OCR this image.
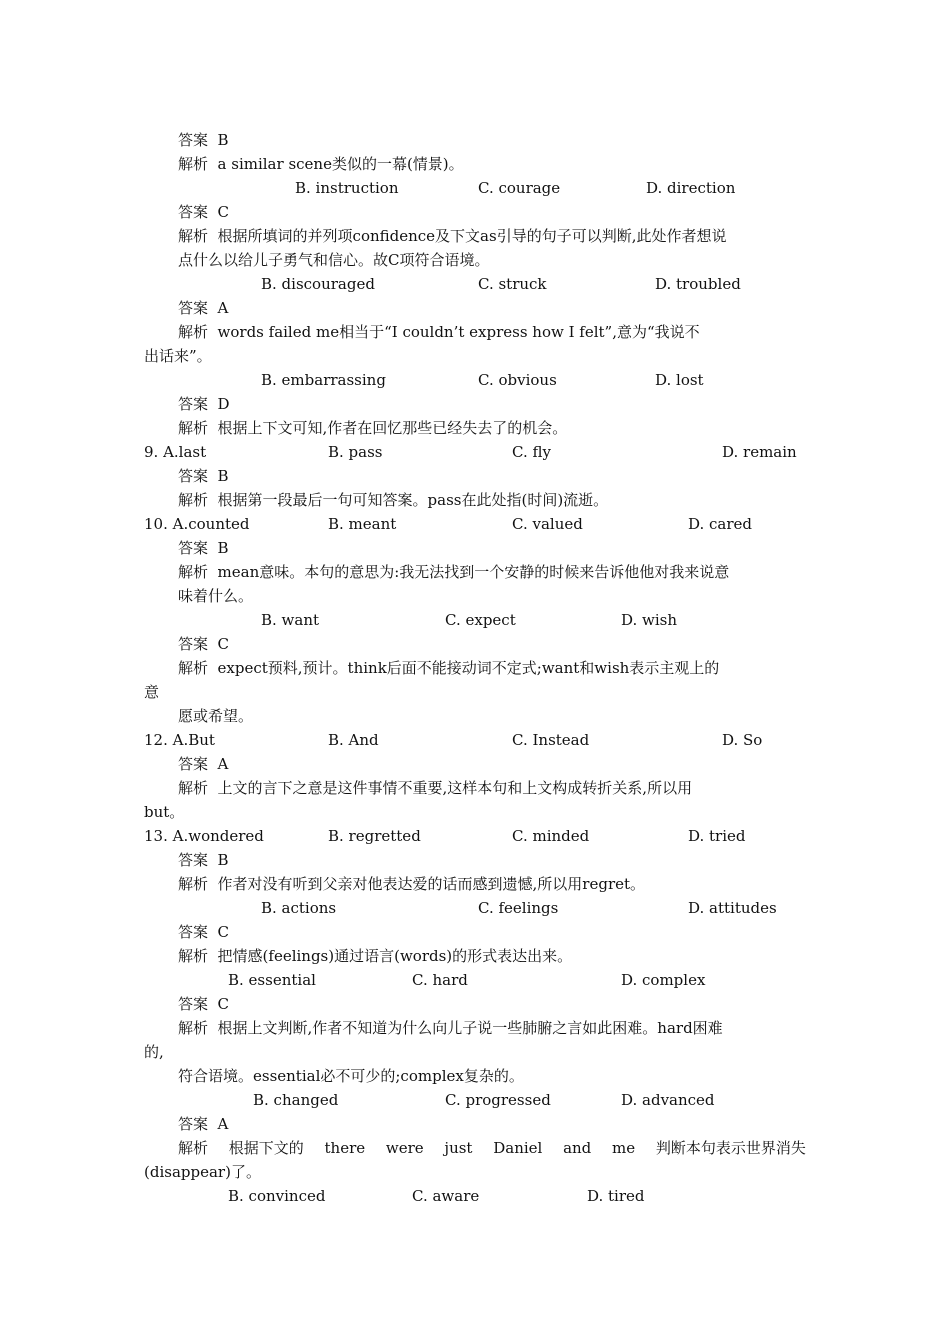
答案  B
解析  a similar scene类似的一幕(情景)。
B. instruction	C. courage	D. direction
答案  C
解析  根据所填词的并列项confidence及下文as引导的句子可以判断,此处作者想说
点什么以给儿子勇气和信心。故C项符合语境。
B. discouraged	C. struck	D. troubled
答案  A
解析  words failed me相当于“I couldn’t express how I felt”,意为“我说不
出话来”。
B. embarrassing	C. obvious	D. lost
答案  D
解析  根据上下文可知,作者在回忆那些已经失去了的机会。
9. A.last	B. pass	C. fly	D. remain
答案  B
解析  根据第一段最后一句可知答案。pass在此处指(时间)流逝。
10. A.counted	B. meant	C. valued	D. cared
答案  B
解析  mean意味。本句的意思为:我无法找到一个安静的时候来告诉他他对我来说意
味着什么。
B. want	C. expect	D. wish
答案  C
解析  expect预料,预计。think后面不能接动词不定式;want和wish表示主观上的
意
愿或希望。
12. A.But	B. And	C. Instead	D. So
答案  A
解析  上文的言下之意是这件事情不重要,这样本句和上文构成转折关系,所以用
but。
13. A.wondered	B. regretted	C. minded	D. tried
答案  B
解析  作者对没有听到父亲对他表达爱的话而感到遗憾,所以用regret。
B. actions	C. feelings	D. attitudes
答案  C
解析  把情感(feelings)通过语言(words)的形式表达出来。
B. essential	C. hard	D. complex
答案  C
解析  根据上文判断,作者不知道为什么向儿子说一些肺腑之言如此困难。hard困难
的,
符合语境。essential必不可少的;complex复杂的。
B. changed	C. progressed	D. advanced
答案  A
解析 根据下文的 there were just Daniel and me 判断本句表示世界消失
(disappear)了。
B. convinced	C. aware	D. tired
